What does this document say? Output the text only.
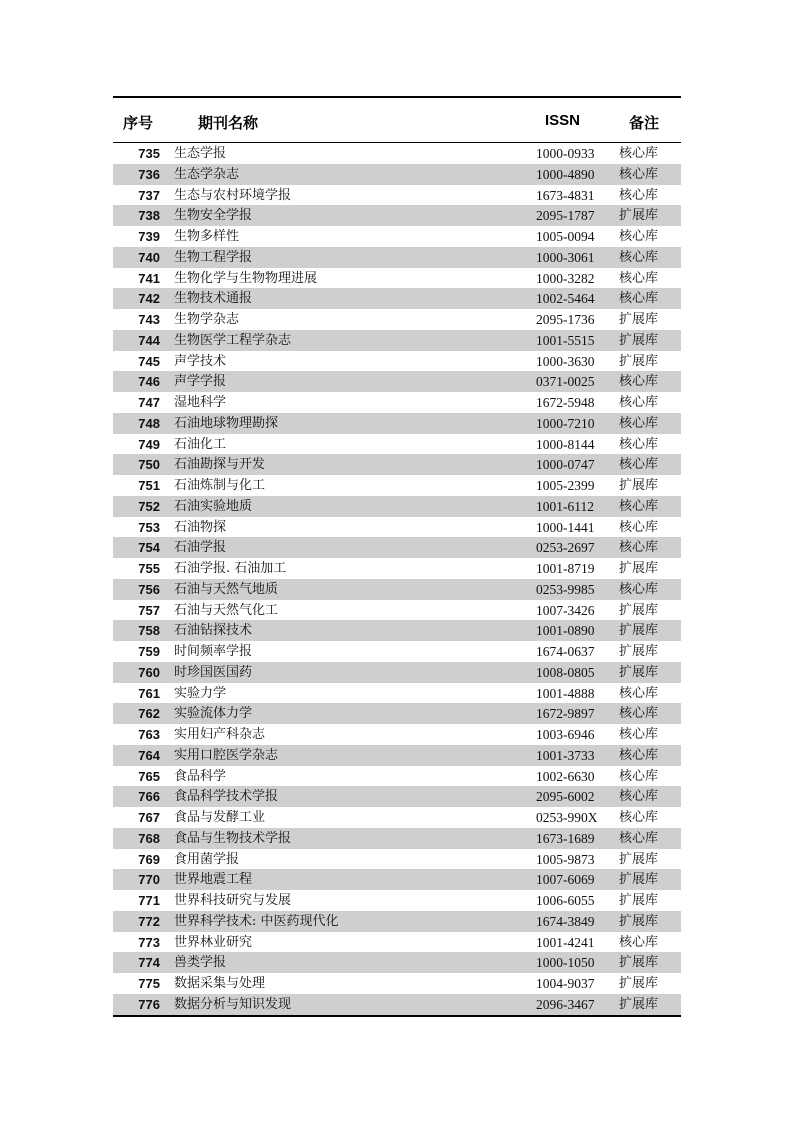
序号	期刊名称	ISSN	备注
735 生态学报	1000-0933 核心库
736 生态学杂志	1000-4890 核心库
737 生态与农村环境学报	1673-4831 核心库
738 生物安全学报	2095-1787 扩展库
739 生物多样性	1005-0094 核心库
740 生物工程学报	1000-3061 核心库
741 生物化学与生物物理进展	1000-3282 核心库
742 生物技术通报	1002-5464 核心库
743 生物学杂志	2095-1736 扩展库
744 生物医学工程学杂志	1001-5515 扩展库
745 声学技术	1000-3630 扩展库
746 声学学报	0371-0025 核心库
747 湿地科学	1672-5948 核心库
748 石油地球物理勘探	1000-7210 核心库
749 石油化工	1000-8144 核心库
750 石油勘探与开发	1000-0747 核心库
751 石油炼制与化工	1005-2399 扩展库
752 石油实验地质	1001-6112 核心库
753 石油物探	1000-1441 核心库
754 石油学报	0253-2697 核心库
755 石油学报. 石油加工	1001-8719 扩展库
756 石油与天然气地质	0253-9985 核心库
757 石油与天然气化工	1007-3426 扩展库
758 石油钻探技术	1001-0890 扩展库
759 时间频率学报	1674-0637 扩展库
760 时珍国医国药	1008-0805 扩展库
761 实验力学	1001-4888 核心库
762 实验流体力学	1672-9897 核心库
763 实用妇产科杂志	1003-6946 核心库
764 实用口腔医学杂志	1001-3733 核心库
765 食品科学	1002-6630 核心库
766 食品科学技术学报	2095-6002 核心库
767 食品与发酵工业	0253-990X 核心库
768 食品与生物技术学报	1673-1689 核心库
769 食用菌学报	1005-9873 扩展库
770 世界地震工程	1007-6069 扩展库
771 世界科技研究与发展	1006-6055 扩展库
772 世界科学技术: 中医药现代化	1674-3849 扩展库
773 世界林业研究	1001-4241 核心库
774 兽类学报	1000-1050 扩展库
775 数据采集与处理	1004-9037 扩展库
776 数据分析与知识发现	2096-3467 扩展库
